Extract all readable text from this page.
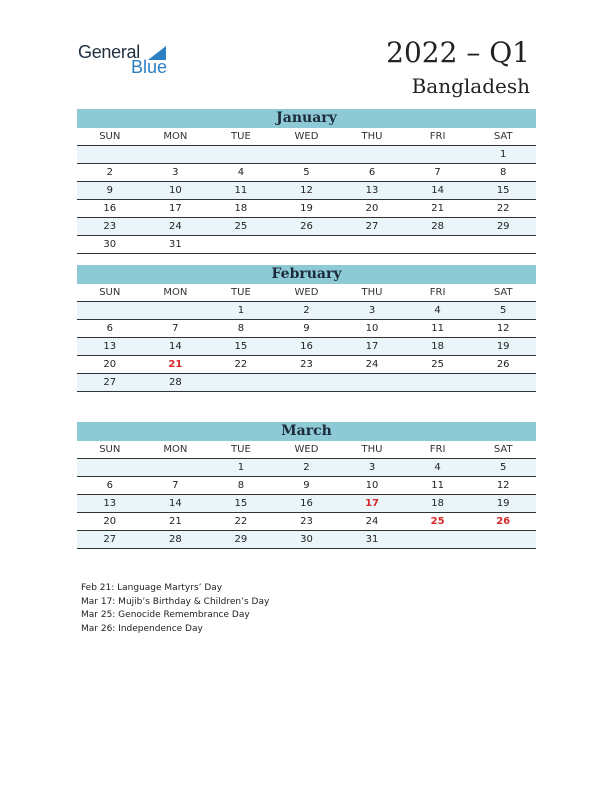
General
Blue	2022 – Q1
Bangladesh
January
SUN	MON	TUE	WED	THU	FRI	SAT
						1
2	3	4	5	6	7	8
9	10	11	12	13	14	15
16	17	18	19	20	21	22
23	24	25	26	27	28	29
30	31					
February
SUN	MON	TUE	WED	THU	FRI	SAT
		1	2	3	4	5
6	7	8	9	10	11	12
13	14	15	16	17	18	19
20	21	22	23	24	25	26
27	28					
March
SUN	MON	TUE	WED	THU	FRI	SAT
		1	2	3	4	5
6	7	8	9	10	11	12
13	14	15	16	17	18	19
20	21	22	23	24	25	26
27	28	29	30	31		
Feb 21: Language Martyrs’ Day
Mar 17: Mujib’s Birthday & Children’s Day
Mar 25: Genocide Remembrance Day
Mar 26: Independence Day
